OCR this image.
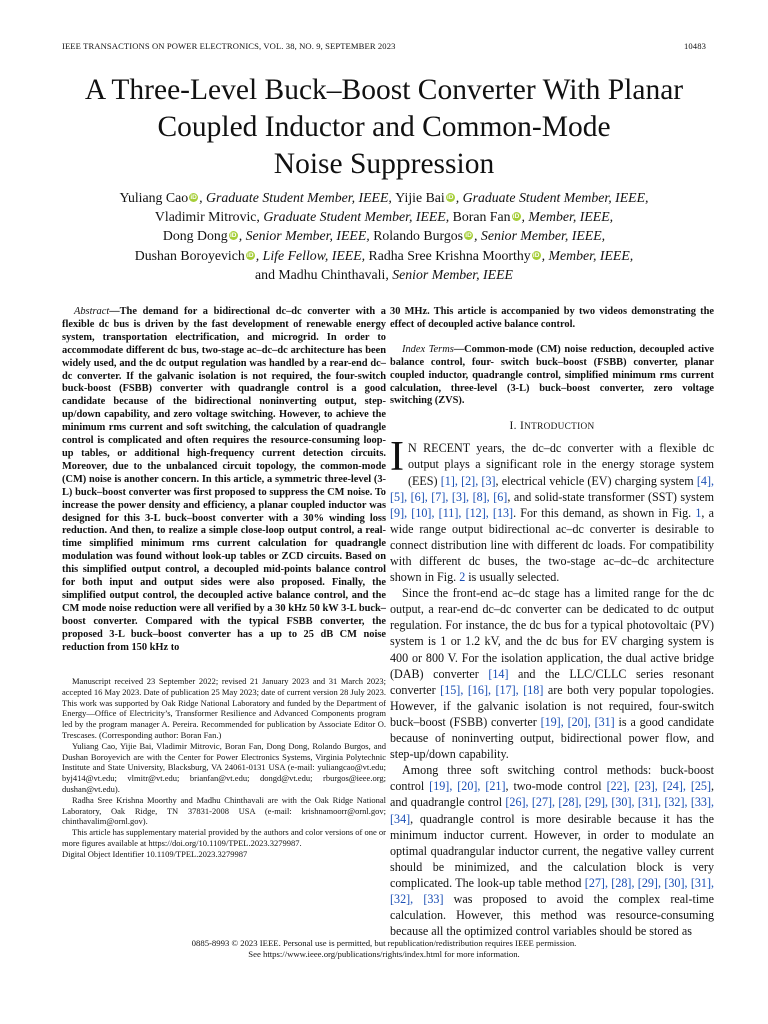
IEEE TRANSACTIONS ON POWER ELECTRONICS, VOL. 38, NO. 9, SEPTEMBER 2023	10483
A Three-Level Buck–Boost Converter With Planar
Coupled Inductor and Common-Mode
Noise Suppression
Yuliang Cao iD , Graduate Student Member, IEEE, Yijie Bai iD , Graduate Student Member, IEEE,
Vladimir Mitrovic, Graduate Student Member, IEEE, Boran Fan iD , Member, IEEE,
Dong Dong iD , Senior Member, IEEE, Rolando Burgos iD , Senior Member, IEEE,
Dushan Boroyevich iD , Life Fellow, IEEE, Radha Sree Krishna Moorthy iD , Member, IEEE,
and Madhu Chinthavali, Senior Member, IEEE

Abstract—The demand for a bidirectional dc–dc converter with a flexible dc bus is driven by the fast development of renewable energy system, transportation electrification, and microgrid. In order to accommodate different dc bus, two-stage ac–dc–dc architecture has been widely used, and the dc output regulation was handled by a rear-end dc–dc converter. If the galvanic isolation is not required, the four-switch buck-boost (FSBB) converter with quadrangle control is a good candidate because of the bidirectional noninverting output, step-up/down capability, and zero voltage switching. However, to achieve the minimum rms current and soft switching, the calculation of quadrangle control is complicated and often requires the resource-consuming loop-up tables, or additional high-frequency current detection circuits. Moreover, due to the unbalanced circuit topology, the common-mode (CM) noise is another concern. In this article, a symmetric three-level (3-L) buck–boost converter was first proposed to suppress the CM noise. To increase the power density and efficiency, a planar coupled inductor was designed for this 3-L buck–boost converter with a 30% winding loss reduction. And then, to realize a simple close-loop output control, a real-time simplified minimum rms current calculation for quadrangle modulation was found without look-up tables or ZCD circuits. Based on this simplified output control, a decoupled mid-points balance control for both input and output sides were also proposed. Finally, the simplified output control, the decoupled active balance control, and the CM mode noise reduction were all verified by a 30 kHz 50 kW 3-L buck–boost converter. Compared with the typical FSBB converter, the proposed 3-L buck–boost converter has a up to 25 dB CM noise reduction from 150 kHz to

Manuscript received 23 September 2022; revised 21 January 2023 and 31 March 2023; accepted 16 May 2023. Date of publication 25 May 2023; date of current version 28 July 2023. This work was supported by Oak Ridge National Laboratory and funded by the Department of Energy—Office of Electricity’s, Transformer Resilience and Advanced Components program led by the program manager A. Pereira. Recommended for publication by Associate Editor O. Trescases. (Corresponding author: Boran Fan.)

Yuliang Cao, Yijie Bai, Vladimir Mitrovic, Boran Fan, Dong Dong, Rolando Burgos, and Dushan Boroyevich are with the Center for Power Electronics Systems, Virginia Polytechnic Institute and State University, Blacksburg, VA 24061-0131 USA (e-mail: yuliangcao@vt.edu; byj414@vt.edu; vlmitr@vt.edu; brianfan@vt.edu; dongd@vt.edu; rburgos@ieee.org; dushan@vt.edu).

Radha Sree Krishna Moorthy and Madhu Chinthavali are with the Oak Ridge National Laboratory, Oak Ridge, TN 37831-2008 USA (e-mail: krishnamoorr@ornl.gov; chinthavalim@ornl.gov).

This article has supplementary material provided by the authors and color versions of one or more figures available at https://doi.org/10.1109/TPEL.2023.3279987.

Digital Object Identifier 10.1109/TPEL.2023.3279987

30 MHz. This article is accompanied by two videos demonstrating the effect of decoupled active balance control.

Index Terms—Common-mode (CM) noise reduction, decoupled active balance control, four- switch buck–boost (FSBB) converter, planar coupled inductor, quadrangle control, simplified minimum rms current calculation, three-level (3-L) buck–boost converter, zero voltage switching (ZVS).

I. INTRODUCTION

I N RECENT years, the dc–dc converter with a flexible dc output plays a significant role in the energy storage system (EES) [1], [2], [3], electrical vehicle (EV) charging system [4], [5], [6], [7], [3], [8], [6], and solid-state transformer (SST) system [9], [10], [11], [12], [13]. For this demand, as shown in Fig. 1, a wide range output bidirectional ac–dc converter is desirable to connect distribution line with different dc loads. For compatibility with different dc buses, the two-stage ac–dc–dc architecture shown in Fig. 2 is usually selected.

Since the front-end ac–dc stage has a limited range for the dc output, a rear-end dc–dc converter can be dedicated to dc output regulation. For instance, the dc bus for a typical photovoltaic (PV) system is 1 or 1.2 kV, and the dc bus for EV charging system is 400 or 800 V. For the isolation application, the dual active bridge (DAB) converter [14] and the LLC/CLLC series resonant converter [15], [16], [17], [18] are both very popular topologies. However, if the galvanic isolation is not required, four-switch buck–boost (FSBB) converter [19], [20], [31] is a good candidate because of noninverting output, bidirectional power flow, and step-up/down capability.

Among three soft switching control methods: buck-boost control [19], [20], [21], two-mode control [22], [23], [24], [25], and quadrangle control [26], [27], [28], [29], [30], [31], [32], [33], [34], quadrangle control is more desirable because it has the minimum inductor current. However, in order to modulate an optimal quadrangular inductor current, the negative valley current should be minimized, and the calculation block is very complicated. The look-up table method [27], [28], [29], [30], [31], [32], [33] was proposed to avoid the complex real-time calculation. However, this method was resource-consuming because all the optimized control variables should be stored as

0885-8993 © 2023 IEEE. Personal use is permitted, but republication/redistribution requires IEEE permission.
See https://www.ieee.org/publications/rights/index.html for more information.
